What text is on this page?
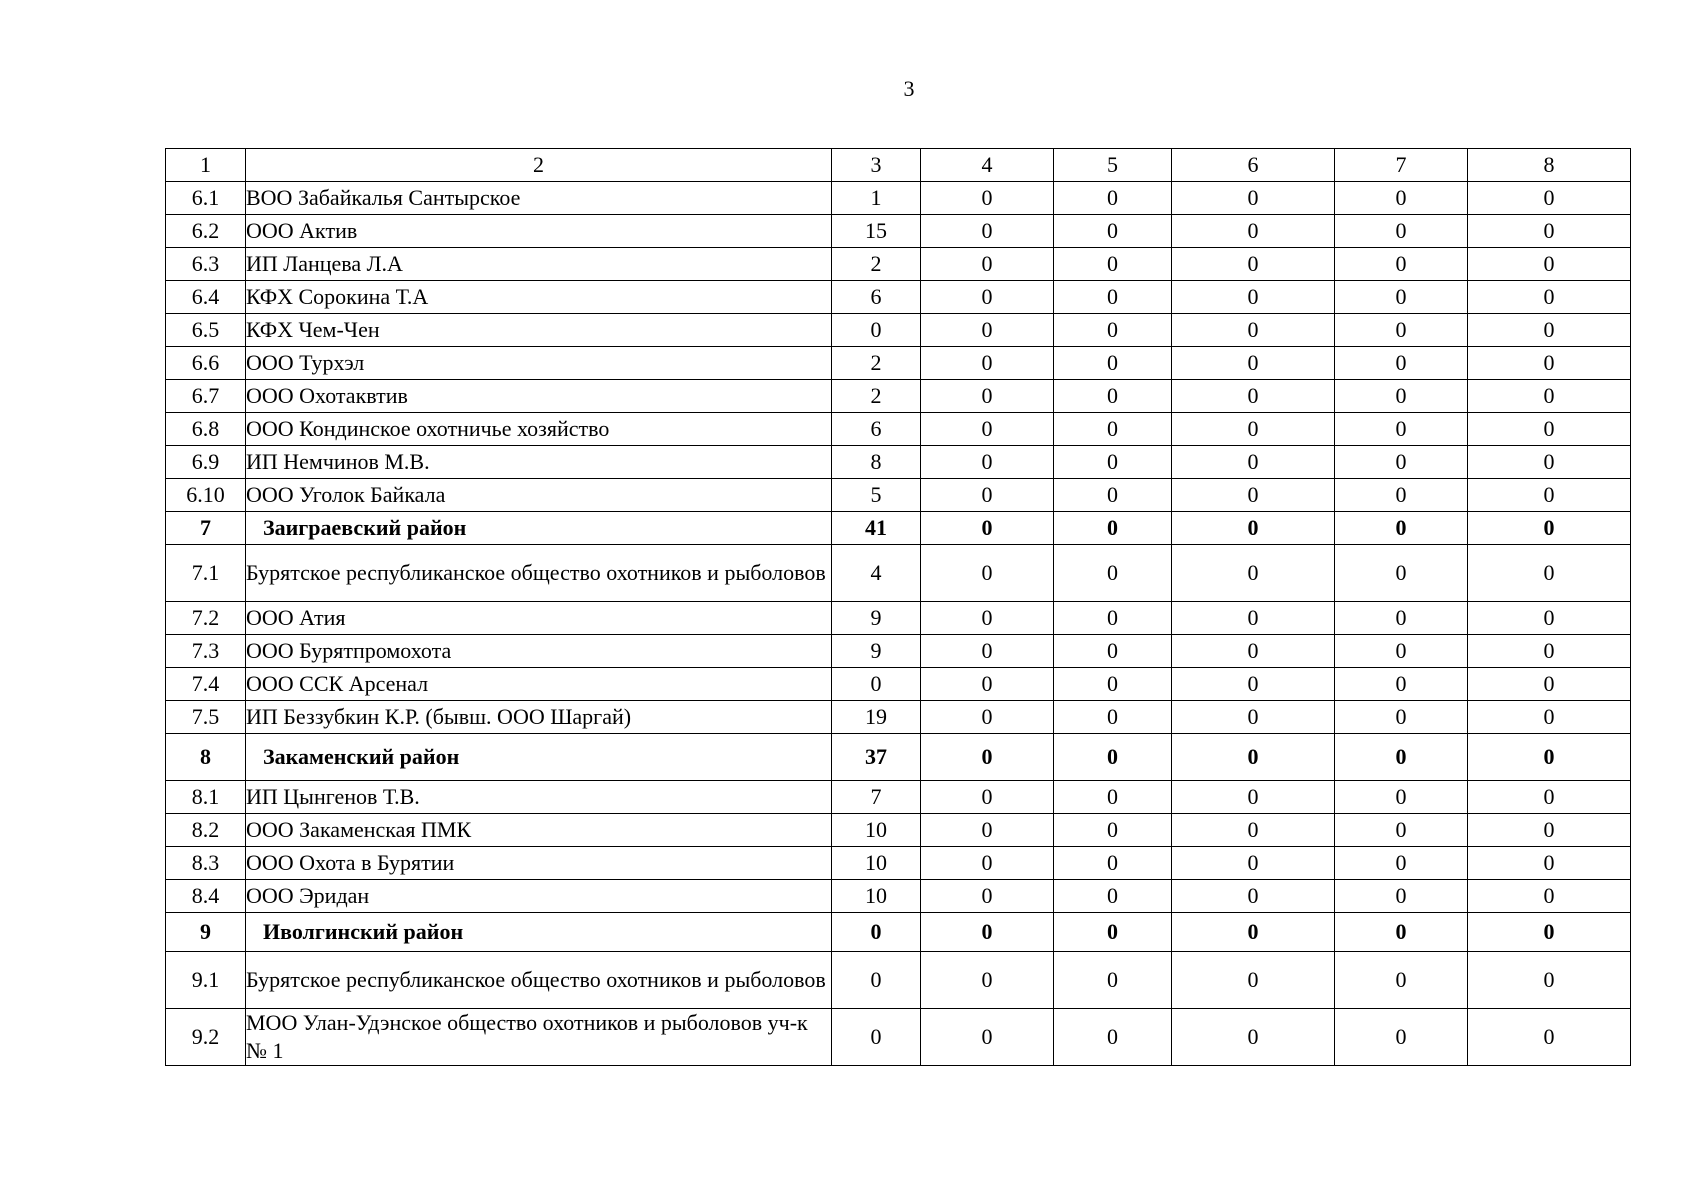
3
1	2	3	4	5	6	7	8
6.1	ВОО Забайкалья Сантырское	1	0	0	0	0	0
6.2	ООО Актив	15	0	0	0	0	0
6.3	ИП Ланцева Л.А	2	0	0	0	0	0
6.4	КФХ Сорокина Т.А	6	0	0	0	0	0
6.5	КФХ Чем-Чен	0	0	0	0	0	0
6.6	ООО Турхэл	2	0	0	0	0	0
6.7	ООО Охотаквтив	2	0	0	0	0	0
6.8	ООО Кондинское охотничье хозяйство	6	0	0	0	0	0
6.9	ИП Немчинов М.В.	8	0	0	0	0	0
6.10	ООО Уголок Байкала	5	0	0	0	0	0
7	Заиграевский район	41	0	0	0	0	0
7.1	Бурятское республиканское общество охотников и рыболовов	4	0	0	0	0	0
7.2	ООО Атия	9	0	0	0	0	0
7.3	ООО Бурятпромохота	9	0	0	0	0	0
7.4	ООО ССК Арсенал	0	0	0	0	0	0
7.5	ИП Беззубкин К.Р. (бывш. ООО Шаргай)	19	0	0	0	0	0
8	Закаменский район	37	0	0	0	0	0
8.1	ИП Цынгенов Т.В.	7	0	0	0	0	0
8.2	ООО Закаменская ПМК	10	0	0	0	0	0
8.3	ООО Охота в Бурятии	10	0	0	0	0	0
8.4	ООО Эридан	10	0	0	0	0	0
9	Иволгинский район	0	0	0	0	0	0
9.1	Бурятское республиканское общество охотников и рыболовов	0	0	0	0	0	0
9.2	МОО Улан-Удэнское общество охотников и рыболовов уч-к № 1	0	0	0	0	0	0
